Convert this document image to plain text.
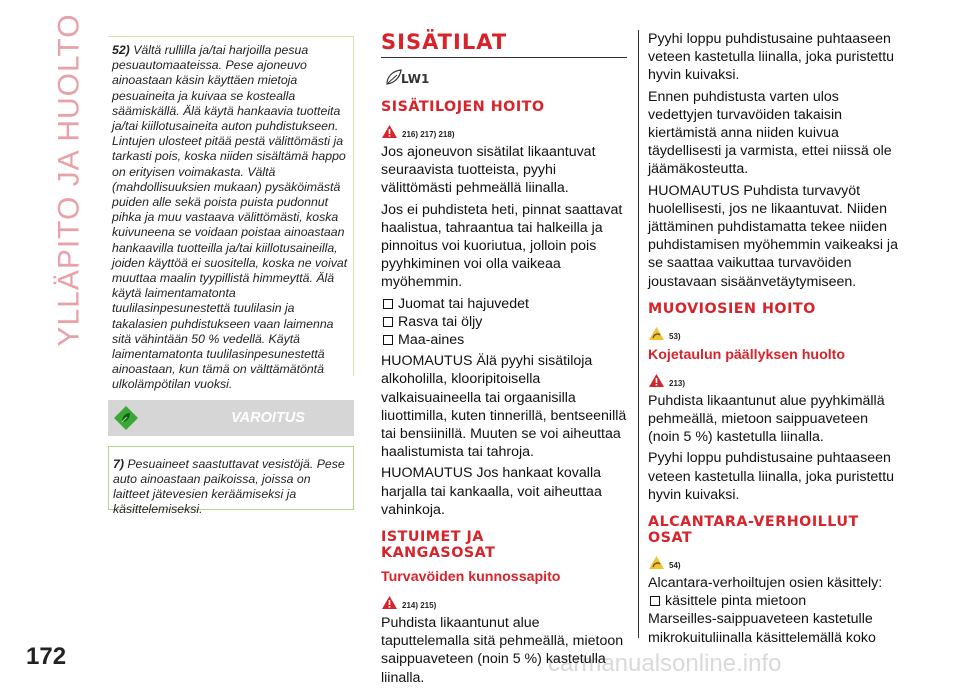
YLLÄPITO JA HUOLTO
172	carmanualsonline.info
52) Vältä rullilla ja/tai harjoilla pesua pesuautomaateissa. Pese ajoneuvo ainoastaan käsin käyttäen mietoja pesuaineita ja kuivaa se kostealla säämiskällä. Älä käytä hankaavia tuotteita ja/tai kiillotusaineita auton puhdistukseen. Lintujen ulosteet pitää pestä välittömästi ja tarkasti pois, koska niiden sisältämä happo on erityisen voimakasta. Vältä (mahdollisuuksien mukaan) pysäköimästä puiden alle sekä poista puista pudonnut pihka ja muu vastaava välittömästi, koska kuivuneena se voidaan poistaa ainoastaan hankaavilla tuotteilla ja/tai kiillotusaineilla, joiden käyttöä ei suositella, koska ne voivat muuttaa maalin tyypillistä himmeyttä. Älä käytä laimentamatonta tuulilasinpesunestettä tuulilasin ja takalasien puhdistukseen vaan laimenna sitä vähintään 50 % vedellä. Käytä laimentamatonta tuulilasinpesunestettä ainoastaan, kun tämä on välttämätöntä ulkolämpötilan vuoksi.
VAROITUS
7) Pesuaineet saastuttavat vesistöjä. Pese auto ainoastaan paikoissa, joissa on laitteet jätevesien keräämiseksi ja käsittelemiseksi.
SISÄTILAT
LW1
SISÄTILOJEN HOITO
216) 217) 218)

Jos ajoneuvon sisätilat likaantuvat seuraavista tuotteista, pyyhi välittömästi pehmeällä liinalla.

Jos ei puhdisteta heti, pinnat saattavat haalistua, tahraantua tai halkeilla ja pinnoitus voi kuoriutua, jolloin pois pyyhkiminen voi olla vaikeaa myöhemmin.

Juomat tai hajuvedet
Rasva tai öljy
Maa-aines

HUOMAUTUS Älä pyyhi sisätiloja alkoholilla, klooripitoisella valkaisuaineella tai orgaanisilla liuottimilla, kuten tinnerillä, bentseenillä tai bensiinillä. Muuten se voi aiheuttaa haalistumista tai tahroja.

HUOMAUTUS Jos hankaat kovalla harjalla tai kankaalla, voit aiheuttaa vahinkoja.

ISTUIMET JA KANGASOSAT
Turvavöiden kunnossapito
214) 215)

Puhdista likaantunut alue taputtelemalla sitä pehmeällä, mietoon saippuaveteen (noin 5 %) kastetulla liinalla.

Pyyhi loppu puhdistusaine puhtaaseen veteen kastetulla liinalla, joka puristettu hyvin kuivaksi.

Ennen puhdistusta varten ulos vedettyjen turvavöiden takaisin kiertämistä anna niiden kuivua täydellisesti ja varmista, ettei niissä ole jäämäkosteutta.

HUOMAUTUS Puhdista turvavyöt huolellisesti, jos ne likaantuvat. Niiden jättäminen puhdistamatta tekee niiden puhdistamisen myöhemmin vaikeaksi ja se saattaa vaikuttaa turvavöiden joustavaan sisäänvetäytymiseen.

MUOVIOSIEN HOITO
53)
Kojetaulun päällyksen huolto
213)

Puhdista likaantunut alue pyyhkimällä pehmeällä, mietoon saippuaveteen (noin 5 %) kastetulla liinalla.

Pyyhi loppu puhdistusaine puhtaaseen veteen kastetulla liinalla, joka puristettu hyvin kuivaksi.

ALCANTARA-VERHOILLUT OSAT
54)

Alcantara-verhoiltujen osien käsittely:

käsittele pinta mietoon

Marseilles-saippuaveteen kastetulle mikrokuituliinalla käsittelemällä koko
